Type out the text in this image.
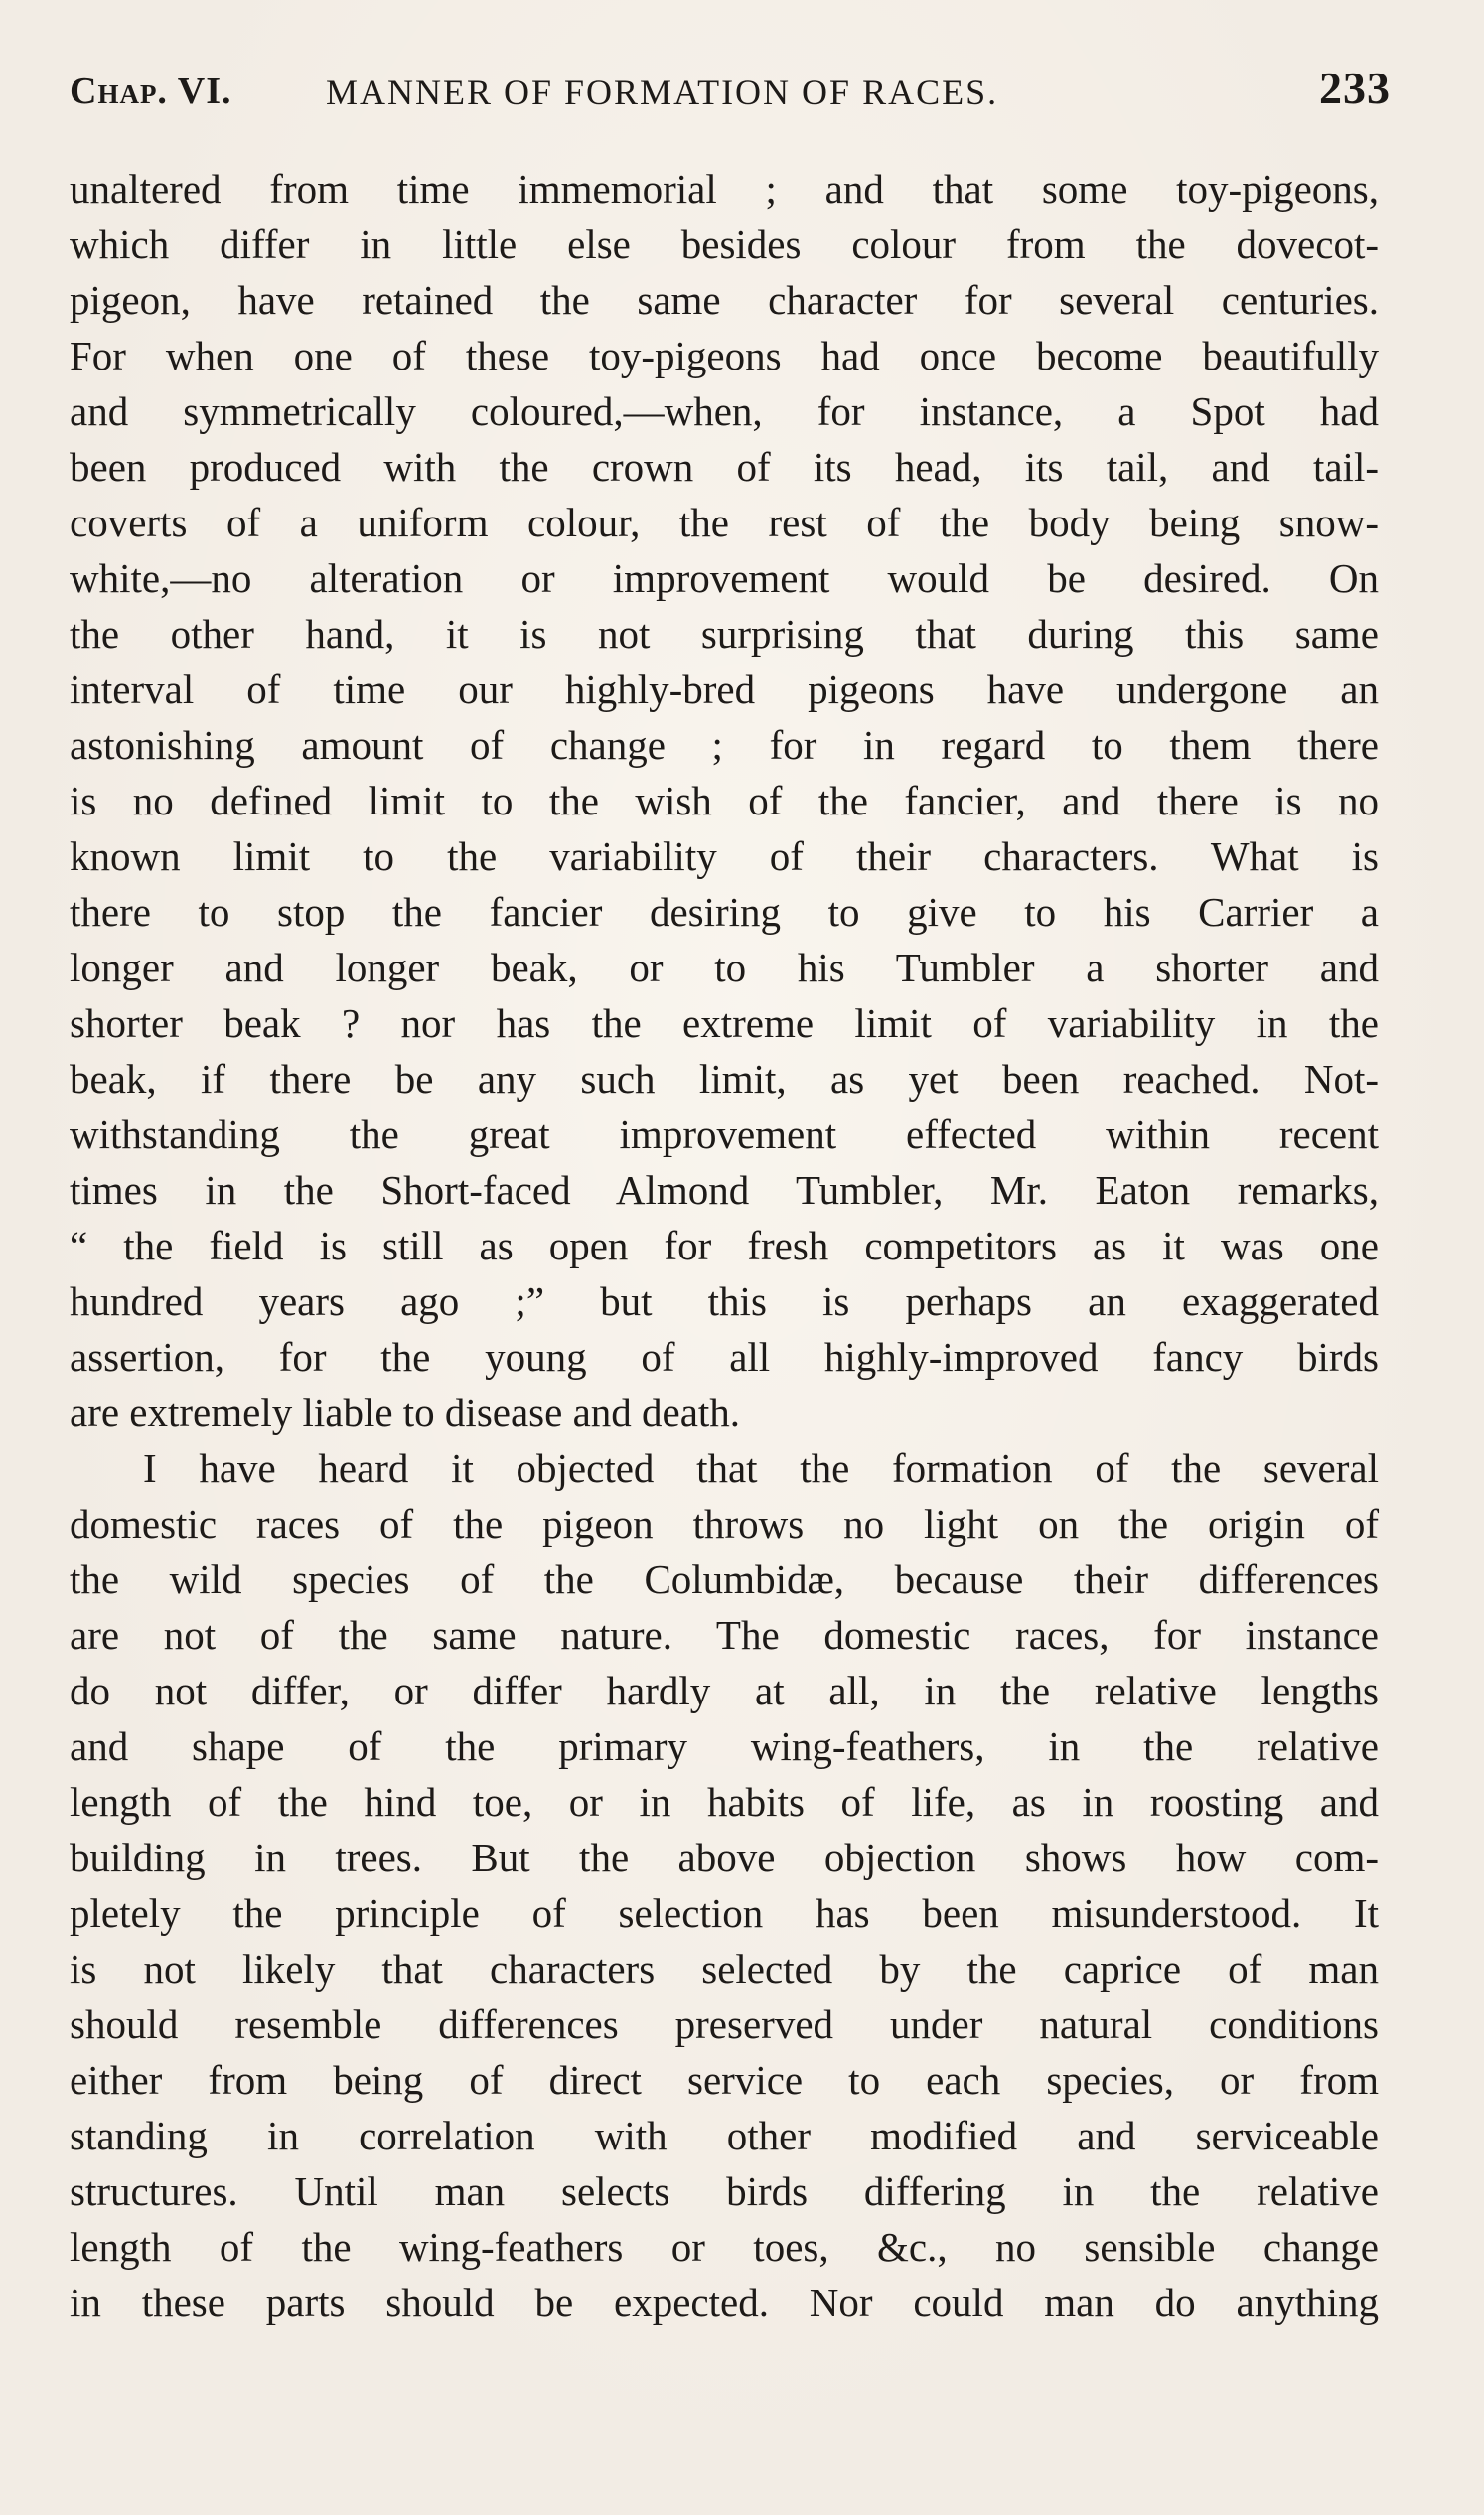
Chap. VI.	MANNER OF FORMATION OF RACES.	233
unaltered from time immemorial ; and that some toy-pigeons,
which differ in little else besides colour from the dovecot-
pigeon, have retained the same character for several centuries.
For when one of these toy-pigeons had once become beautifully
and symmetrically coloured,—when, for instance, a Spot had
been produced with the crown of its head, its tail, and tail-
coverts of a uniform colour, the rest of the body being snow-
white,—no alteration or improvement would be desired. On
the other hand, it is not surprising that during this same
interval of time our highly-bred pigeons have undergone an
astonishing amount of change ; for in regard to them there
is no defined limit to the wish of the fancier, and there is no
known limit to the variability of their characters. What is
there to stop the fancier desiring to give to his Carrier a
longer and longer beak, or to his Tumbler a shorter and
shorter beak ? nor has the extreme limit of variability in the
beak, if there be any such limit, as yet been reached. Not-
withstanding the great improvement effected within recent
times in the Short-faced Almond Tumbler, Mr. Eaton remarks,
“ the field is still as open for fresh competitors as it was one
hundred years ago ;” but this is perhaps an exaggerated
assertion, for the young of all highly-improved fancy birds
are extremely liable to disease and death.
I have heard it objected that the formation of the several
domestic races of the pigeon throws no light on the origin of
the wild species of the Columbidæ, because their differences
are not of the same nature. The domestic races, for instance
do not differ, or differ hardly at all, in the relative lengths
and shape of the primary wing-feathers, in the relative
length of the hind toe, or in habits of life, as in roosting and
building in trees. But the above objection shows how com-
pletely the principle of selection has been misunderstood. It
is not likely that characters selected by the caprice of man
should resemble differences preserved under natural conditions
either from being of direct service to each species, or from
standing in correlation with other modified and serviceable
structures. Until man selects birds differing in the relative
length of the wing-feathers or toes, &c., no sensible change
in these parts should be expected. Nor could man do anything
